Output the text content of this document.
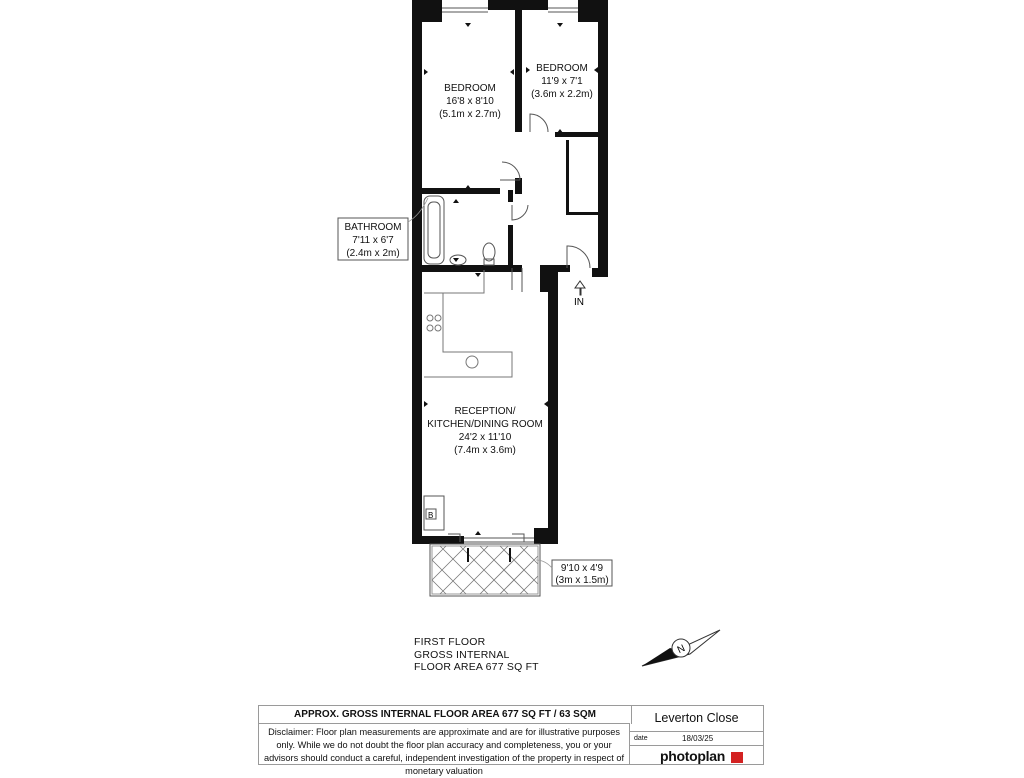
B
IN
BATHROOM
7'11 x 6'7
(2.4m x 2m)
9'10 x 4'9
(3m x 1.5m)
BEDROOM
16'8 x 8'10
(5.1m x 2.7m)
BEDROOM
11'9 x 7'1
(3.6m x 2.2m)
RECEPTION/
KITCHEN/DINING ROOM
24'2 x 11'10
(7.4m x 3.6m)
N
FIRST FLOOR
GROSS INTERNAL
FLOOR AREA 677 SQ FT
APPROX. GROSS INTERNAL FLOOR AREA 677 SQ FT / 63 SQM
Disclaimer: Floor plan measurements are approximate and are for illustrative purposes only. While we do not doubt the floor plan accuracy and completeness, you or your advisors should conduct a careful, independent investigation of the property in respect of monetary valuation
Leverton Close
date	18/03/25
photoplan
